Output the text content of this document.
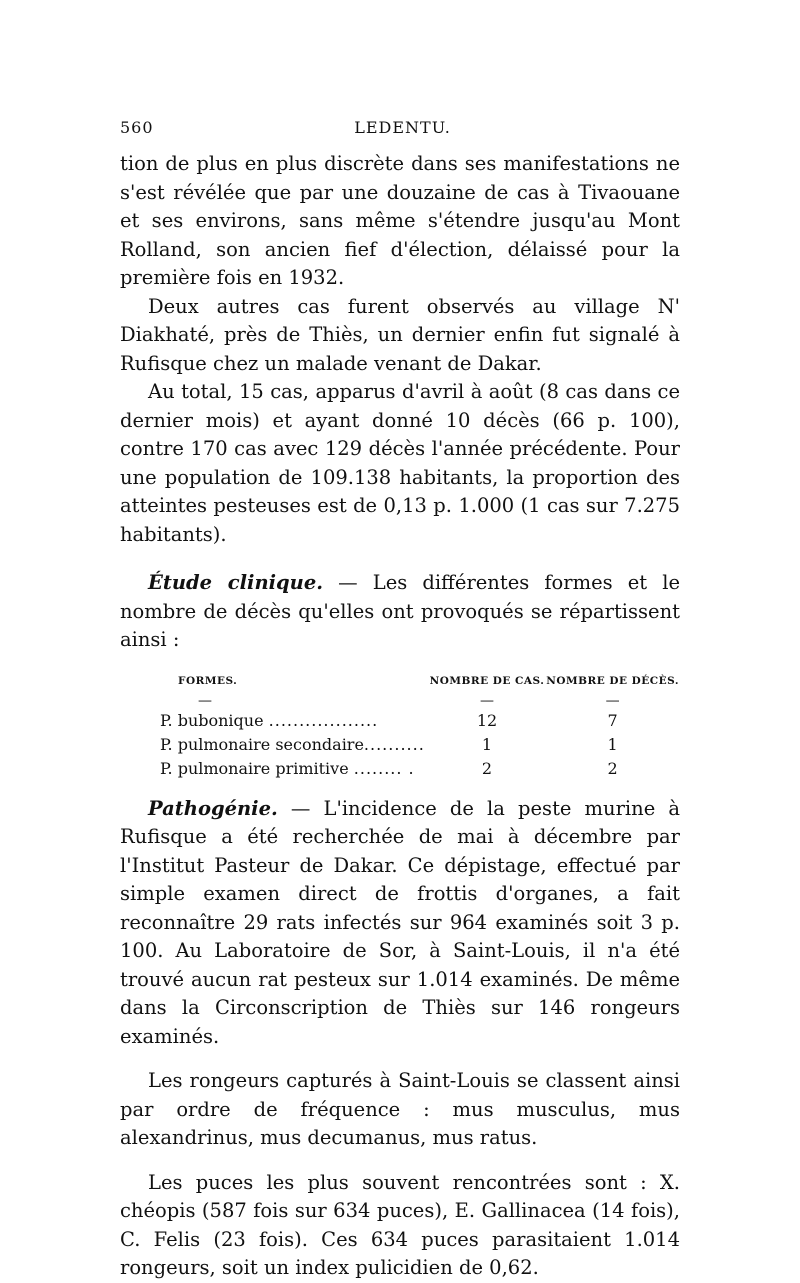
560	LEDENTU.

tion de plus en plus discrète dans ses manifestations ne s'est révélée que par une douzaine de cas à Tivaouane et ses environs, sans même s'étendre jusqu'au Mont Rolland, son ancien fief d'élection, délaissé pour la première fois en 1932.

Deux autres cas furent observés au village N' Diakhaté, près de Thiès, un dernier enfin fut signalé à Rufisque chez un malade venant de Dakar.

Au total, 15 cas, apparus d'avril à août (8 cas dans ce dernier mois) et ayant donné 10 décès (66 p. 100), contre 170 cas avec 129 décès l'année précédente. Pour une population de 109.138 habitants, la proportion des atteintes pesteuses est de 0,13 p. 1.000 (1 cas sur 7.275 habitants).

Étude clinique. — Les différentes formes et le nombre de décès qu'elles ont provoqués se répartissent ainsi :

FORMES.	NOMBRE DE CAS.	NOMBRE DE DÉCÈS.
—	—	—
P. bubonique ..................	12	7
P. pulmonaire secondaire..........	1	1
P. pulmonaire primitive ........ .	2	2

Pathogénie. — L'incidence de la peste murine à Rufisque a été recherchée de mai à décembre par l'Institut Pasteur de Dakar. Ce dépistage, effectué par simple examen direct de frottis d'organes, a fait reconnaître 29 rats infectés sur 964 examinés soit 3 p. 100. Au Laboratoire de Sor, à Saint-Louis, il n'a été trouvé aucun rat pesteux sur 1.014 examinés. De même dans la Circonscription de Thiès sur 146 rongeurs examinés.

Les rongeurs capturés à Saint-Louis se classent ainsi par ordre de fréquence : mus musculus, mus alexandrinus, mus decumanus, mus ratus.

Les puces les plus souvent rencontrées sont : X. chéopis (587 fois sur 634 puces), E. Gallinacea (14 fois), C. Felis (23 fois). Ces 634 puces parasitaient 1.014 rongeurs, soit un index pulicidien de 0,62.
